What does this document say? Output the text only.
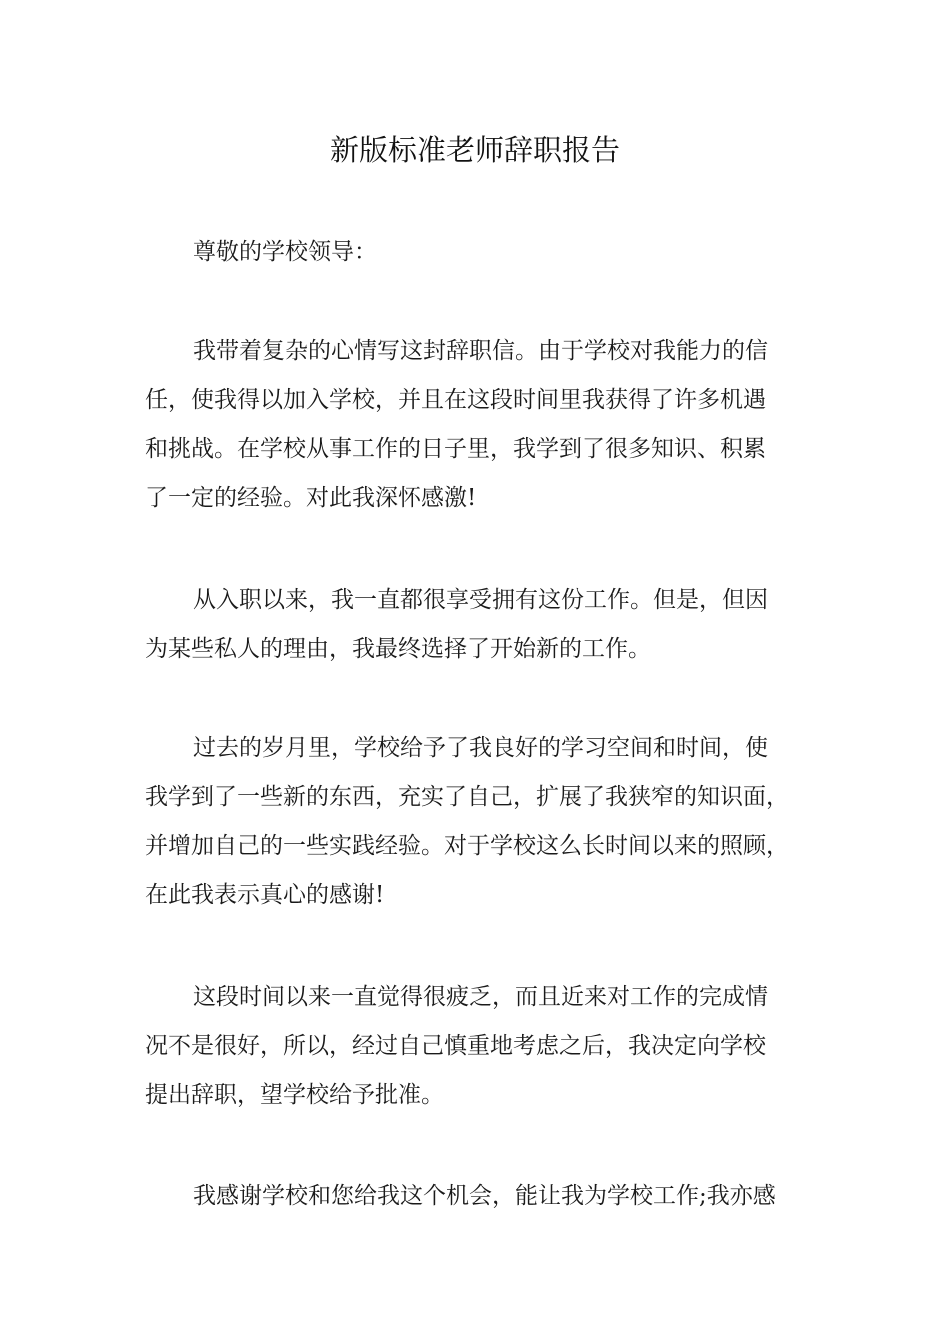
新版标准老师辞职报告
尊敬的学校领导：
我带着复杂的心情写这封辞职信。由于学校对我能力的信
任，使我得以加入学校，并且在这段时间里我获得了许多机遇
和挑战。在学校从事工作的日子里，我学到了很多知识、积累
了一定的经验。对此我深怀感激!
从入职以来，我一直都很享受拥有这份工作。但是，但因
为某些私人的理由，我最终选择了开始新的工作。
过去的岁月里，学校给予了我良好的学习空间和时间，使
我学到了一些新的东西，充实了自己，扩展了我狭窄的知识面，
并增加自己的一些实践经验。对于学校这么长时间以来的照顾，
在此我表示真心的感谢!
这段时间以来一直觉得很疲乏，而且近来对工作的完成情
况不是很好，所以，经过自己慎重地考虑之后，我决定向学校
提出辞职，望学校给予批准。
我感谢学校和您给我这个机会，能让我为学校工作;我亦感
